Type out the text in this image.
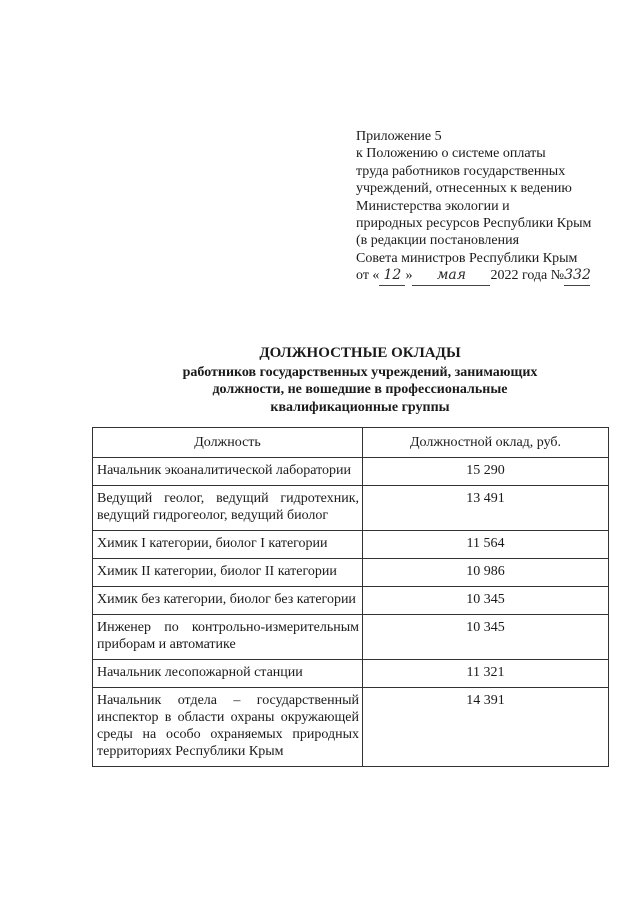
Приложение 5
к Положению о системе оплаты
труда работников государственных
учреждений, отнесенных к ведению
Министерства экологии и
природных ресурсов Республики Крым
(в редакции постановления
Совета министров Республики Крым
от « 12 » мая 2022 года №332
ДОЛЖНОСТНЫЕ ОКЛАДЫ
работников государственных учреждений, занимающих
должности, не вошедшие в профессиональные
квалификационные группы
Должность	Должностной оклад, руб.
Начальник экоаналитической лаборатории	15 290
Ведущий геолог, ведущий гидротехник, ведущий гидрогеолог, ведущий биолог	13 491
Химик I категории, биолог I категории	11 564
Химик II категории, биолог II категории	10 986
Химик без категории, биолог без категории	10 345
Инженер по контрольно-измерительным приборам и автоматике	10 345
Начальник лесопожарной станции	11 321
Начальник отдела – государственный инспектор в области охраны окружающей среды на особо охраняемых природных территориях Республики Крым	14 391
